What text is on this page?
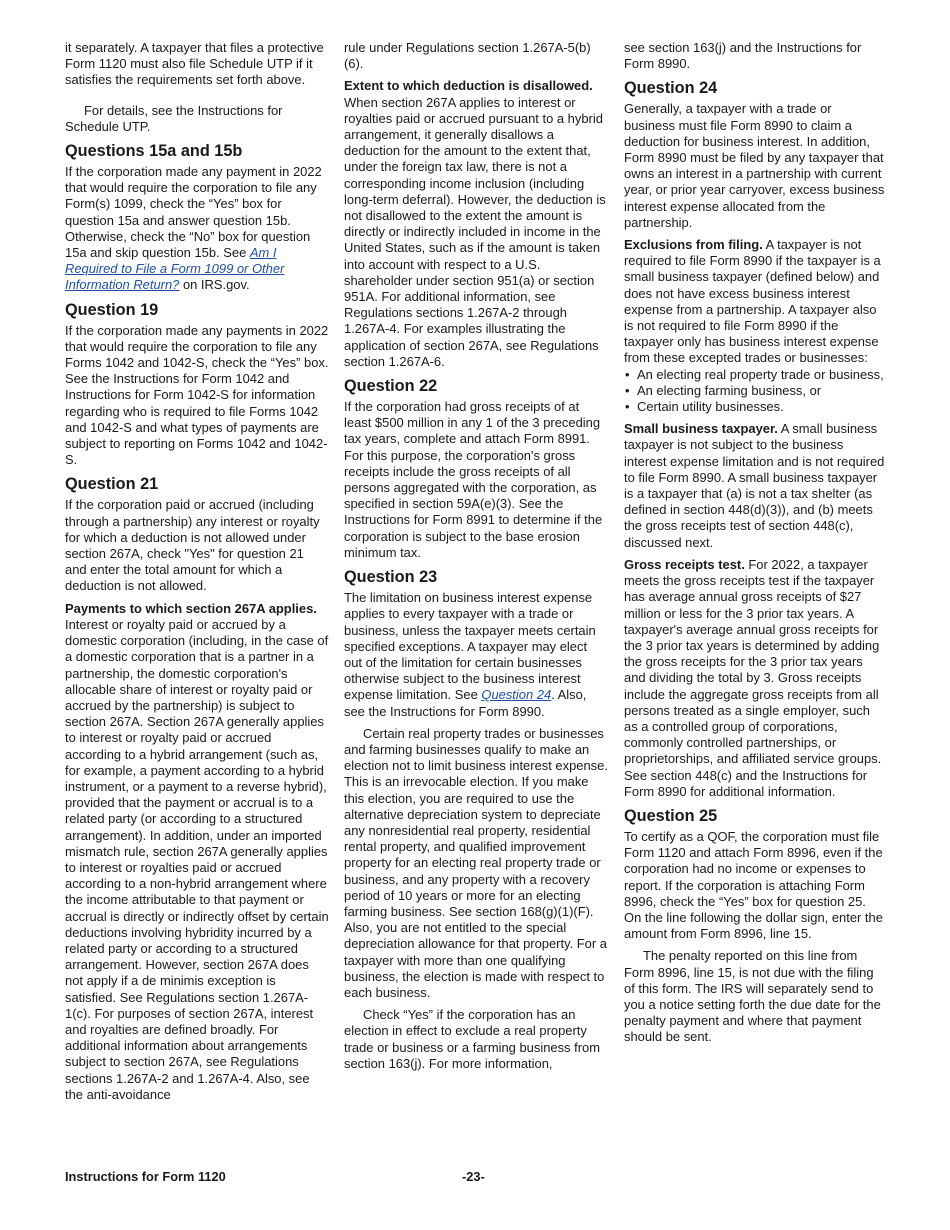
it separately. A taxpayer that files a protective Form 1120 must also file Schedule UTP if it satisfies the requirements set forth above.

For details, see the Instructions for Schedule UTP.

Questions 15a and 15b

If the corporation made any payment in 2022 that would require the corporation to file any Form(s) 1099, check the “Yes” box for question 15a and answer question 15b. Otherwise, check the “No” box for question 15a and skip question 15b. See Am I Required to File a Form 1099 or Other Information Return? on IRS.gov.

Question 19

If the corporation made any payments in 2022 that would require the corporation to file any Forms 1042 and 1042-S, check the “Yes” box. See the Instructions for Form 1042 and Instructions for Form 1042-S for information regarding who is required to file Forms 1042 and 1042-S and what types of payments are subject to reporting on Forms 1042 and 1042-S.

Question 21

If the corporation paid or accrued (including through a partnership) any interest or royalty for which a deduction is not allowed under section 267A, check "Yes" for question 21 and enter the total amount for which a deduction is not allowed.

Payments to which section 267A applies. Interest or royalty paid or accrued by a domestic corporation (including, in the case of a domestic corporation that is a partner in a partnership, the domestic corporation's allocable share of interest or royalty paid or accrued by the partnership) is subject to section 267A. Section 267A generally applies to interest or royalty paid or accrued according to a hybrid arrangement (such as, for example, a payment according to a hybrid instrument, or a payment to a reverse hybrid), provided that the payment or accrual is to a related party (or according to a structured arrangement). In addition, under an imported mismatch rule, section 267A generally applies to interest or royalties paid or accrued according to a non-hybrid arrangement where the income attributable to that payment or accrual is directly or indirectly offset by certain deductions involving hybridity incurred by a related party or according to a structured arrangement. However, section 267A does not apply if a de minimis exception is satisfied. See Regulations section 1.267A-1(c). For purposes of section 267A, interest and royalties are defined broadly. For additional information about arrangements subject to section 267A, see Regulations sections 1.267A-2 and 1.267A-4. Also, see the anti-avoidance

rule under Regulations section 1.267A-5(b)(6).

Extent to which deduction is disallowed. When section 267A applies to interest or royalties paid or accrued pursuant to a hybrid arrangement, it generally disallows a deduction for the amount to the extent that, under the foreign tax law, there is not a corresponding income inclusion (including long-term deferral). However, the deduction is not disallowed to the extent the amount is directly or indirectly included in income in the United States, such as if the amount is taken into account with respect to a U.S. shareholder under section 951(a) or section 951A. For additional information, see Regulations sections 1.267A-2 through 1.267A-4. For examples illustrating the application of section 267A, see Regulations section 1.267A-6.

Question 22

If the corporation had gross receipts of at least $500 million in any 1 of the 3 preceding tax years, complete and attach Form 8991. For this purpose, the corporation's gross receipts include the gross receipts of all persons aggregated with the corporation, as specified in section 59A(e)(3). See the Instructions for Form 8991 to determine if the corporation is subject to the base erosion minimum tax.

Question 23

The limitation on business interest expense applies to every taxpayer with a trade or business, unless the taxpayer meets certain specified exceptions. A taxpayer may elect out of the limitation for certain businesses otherwise subject to the business interest expense limitation. See Question 24. Also, see the Instructions for Form 8990.

Certain real property trades or businesses and farming businesses qualify to make an election not to limit business interest expense. This is an irrevocable election. If you make this election, you are required to use the alternative depreciation system to depreciate any nonresidential real property, residential rental property, and qualified improvement property for an electing real property trade or business, and any property with a recovery period of 10 years or more for an electing farming business. See section 168(g)(1)(F). Also, you are not entitled to the special depreciation allowance for that property. For a taxpayer with more than one qualifying business, the election is made with respect to each business.

Check “Yes” if the corporation has an election in effect to exclude a real property trade or business or a farming business from section 163(j). For more information,

see section 163(j) and the Instructions for Form 8990.

Question 24

Generally, a taxpayer with a trade or business must file Form 8990 to claim a deduction for business interest. In addition, Form 8990 must be filed by any taxpayer that owns an interest in a partnership with current year, or prior year carryover, excess business interest expense allocated from the partnership.

Exclusions from filing. A taxpayer is not required to file Form 8990 if the taxpayer is a small business taxpayer (defined below) and does not have excess business interest expense from a partnership. A taxpayer also is not required to file Form 8990 if the taxpayer only has business interest expense from these excepted trades or businesses:

• An electing real property trade or business,
• An electing farming business, or
• Certain utility businesses.

Small business taxpayer. A small business taxpayer is not subject to the business interest expense limitation and is not required to file Form 8990. A small business taxpayer is a taxpayer that (a) is not a tax shelter (as defined in section 448(d)(3)), and (b) meets the gross receipts test of section 448(c), discussed next.

Gross receipts test. For 2022, a taxpayer meets the gross receipts test if the taxpayer has average annual gross receipts of $27 million or less for the 3 prior tax years. A taxpayer's average annual gross receipts for the 3 prior tax years is determined by adding the gross receipts for the 3 prior tax years and dividing the total by 3. Gross receipts include the aggregate gross receipts from all persons treated as a single employer, such as a controlled group of corporations, commonly controlled partnerships, or proprietorships, and affiliated service groups. See section 448(c) and the Instructions for Form 8990 for additional information.

Question 25

To certify as a QOF, the corporation must file Form 1120 and attach Form 8996, even if the corporation had no income or expenses to report. If the corporation is attaching Form 8996, check the “Yes” box for question 25. On the line following the dollar sign, enter the amount from Form 8996, line 15.

The penalty reported on this line from Form 8996, line 15, is not due with the filing of this form. The IRS will separately send to you a notice setting forth the due date for the penalty payment and where that payment should be sent.

Instructions for Form 1120	-23-
